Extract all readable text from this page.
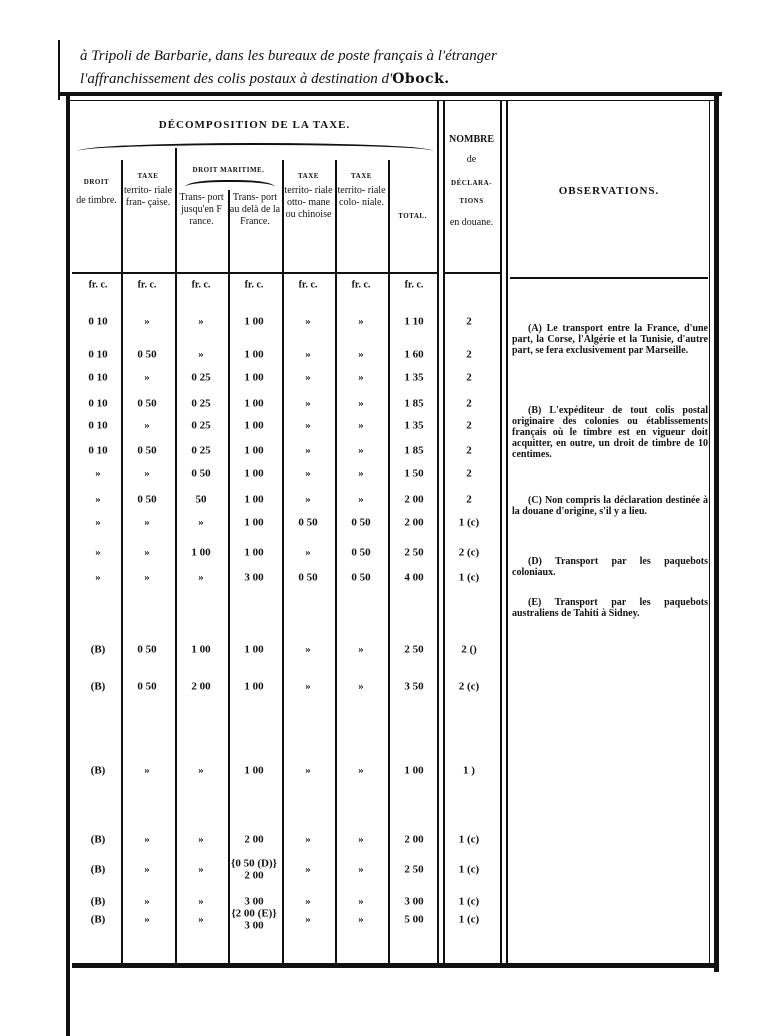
à Tripoli de Barbarie, dans les bureaux de poste français à l'étranger
l'affranchissement des colis postaux à destination d'Obock.
DÉCOMPOSITION DE LA TAXE.
DROIT MARITIME.
NOMBRE
de
DÉCLARA- TIONS
en douane.
OBSERVATIONS.
DROIT
de timbre.
TAXE
territo- riale fran- çaise. Trans- port jusqu'en F rance.
Trans- port au delà de la France.
TAXE
territo- riale otto- mane ou chinoise
TAXE
territo- riale colo- niale.
TOTAL.
fr. c.	fr. c.	fr. c.	fr. c.	fr. c.	fr. c.	fr. c.
0 10	»	»	1 00	»	»	1 10	2
0 10	0 50	»	1 00	»	»	1 60	2
0 10	»	0 25	1 00	»	»	1 35	2
0 10	0 50	0 25	1 00	»	»	1 85	2
0 10	»	0 25	1 00	»	»	1 35	2
0 10	0 50	0 25	1 00	»	»	1 85	2
»	»	0 50	1 00	»	»	1 50	2
»	0 50	50	1 00	»	»	2 00	2
»	»	»	1 00	0 50	0 50	2 00	1 (c)
»	»	1 00	1 00	»	0 50	2 50	2 (c)
»	»	»	3 00	0 50	0 50	4 00	1 (c)
(B)	0 50	1 00	1 00	»	»	2 50	2 ()
(B)	0 50	2 00	1 00	»	»	3 50	2 (c)
(B)	»	»	1 00	»	»	1 00	1 )
(B)	»	»	2 00	»	»	2 00	1 (c)
(B)	»	»	{0 50 (D)}	»	»	2 50	1 (c)
2 00
(B)	»	»	3 00	»	»	3 00	1 (c)
(B)	»	»	{2 00 (E)}	»	»	5 00	1 (c)
3 00
(A) Le transport entre la France, d'une part, la Corse, l'Algérie et la Tunisie, d'autre part, se fera exclusivement par Marseille.
(B) L'expéditeur de tout colis postal originaire des colonies ou établissements français où le timbre est en vigueur doit acquitter, en outre, un droit de timbre de 10 centimes.
(C) Non compris la déclaration destinée à la douane d'origine, s'il y a lieu.
(D) Transport par les paquebots coloniaux.
(E) Transport par les paquebots australiens de Tahiti à Sidney.
